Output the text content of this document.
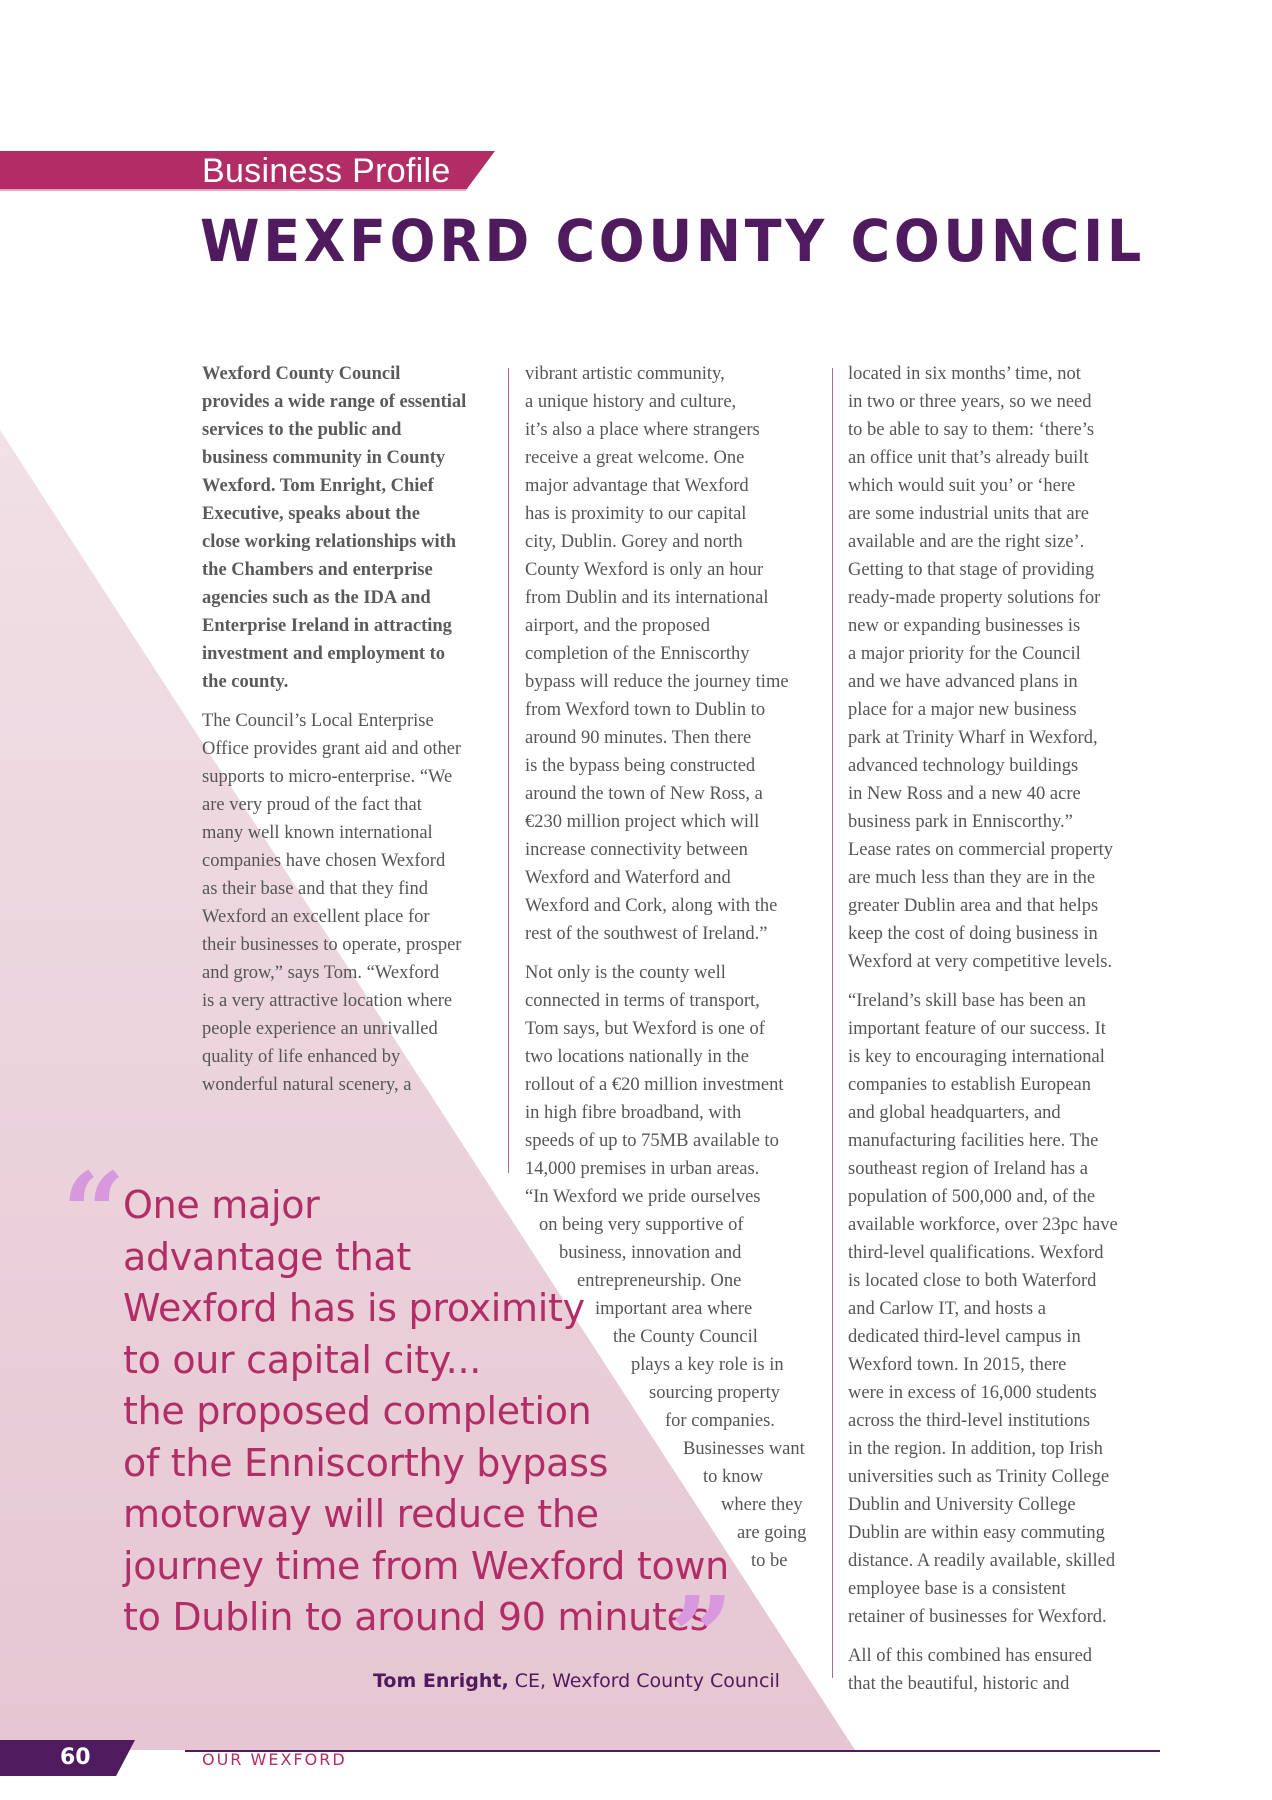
Business Profile
WEXFORD COUNTY COUNCIL

Wexford County Council
provides a wide range of essential
services to the public and
business community in County
Wexford. Tom Enright, Chief
Executive, speaks about the
close working relationships with
the Chambers and enterprise
agencies such as the IDA and
Enterprise Ireland in attracting
investment and employment to
the county.

The Council’s Local Enterprise
Office provides grant aid and other
supports to micro-enterprise. “We
are very proud of the fact that
many well known international
companies have chosen Wexford
as their base and that they find
Wexford an excellent place for
their businesses to operate, prosper
and grow,” says Tom. “Wexford
is a very attractive location where
people experience an unrivalled
quality of life enhanced by
wonderful natural scenery, a

vibrant artistic community,
a unique history and culture,
it’s also a place where strangers
receive a great welcome. One
major advantage that Wexford
has is proximity to our capital
city, Dublin. Gorey and north
County Wexford is only an hour
from Dublin and its international
airport, and the proposed
completion of the Enniscorthy
bypass will reduce the journey time
from Wexford town to Dublin to
around 90 minutes. Then there
is the bypass being constructed
around the town of New Ross, a
€230 million project which will
increase connectivity between
Wexford and Waterford and
Wexford and Cork, along with the
rest of the southwest of Ireland.”

Not only is the county well
connected in terms of transport,
Tom says, but Wexford is one of
two locations nationally in the
rollout of a €20 million investment
in high fibre broadband, with
speeds of up to 75MB available to
14,000 premises in urban areas.
“In Wexford we pride ourselves
on being very supportive of
business, innovation and
entrepreneurship. One
important area where
the County Council
plays a key role is in
sourcing property
for companies.
Businesses want
to know
where they
are going
to be

located in six months’ time, not
in two or three years, so we need
to be able to say to them: ‘there’s
an office unit that’s already built
which would suit you’ or ‘here
are some industrial units that are
available and are the right size’.
Getting to that stage of providing
ready-made property solutions for
new or expanding businesses is
a major priority for the Council
and we have advanced plans in
place for a major new business
park at Trinity Wharf in Wexford,
advanced technology buildings
in New Ross and a new 40 acre
business park in Enniscorthy.”
Lease rates on commercial property
are much less than they are in the
greater Dublin area and that helps
keep the cost of doing business in
Wexford at very competitive levels.

“Ireland’s skill base has been an
important feature of our success. It
is key to encouraging international
companies to establish European
and global headquarters, and
manufacturing facilities here. The
southeast region of Ireland has a
population of 500,000 and, of the
available workforce, over 23pc have
third-level qualifications. Wexford
is located close to both Waterford
and Carlow IT, and hosts a
dedicated third-level campus in
Wexford town. In 2015, there
were in excess of 16,000 students
across the third-level institutions
in the region. In addition, top Irish
universities such as Trinity College
Dublin and University College
Dublin are within easy commuting
distance. A readily available, skilled
employee base is a consistent
retainer of businesses for Wexford.

All of this combined has ensured
that the beautiful, historic and

“
One major
advantage that
Wexford has is proximity
to our capital city...
the proposed completion
of the Enniscorthy bypass
motorway will reduce the
journey time from Wexford town
to Dublin to around 90 minutes
”
Tom Enright, CE, Wexford County Council
60	OUR WEXFORD
